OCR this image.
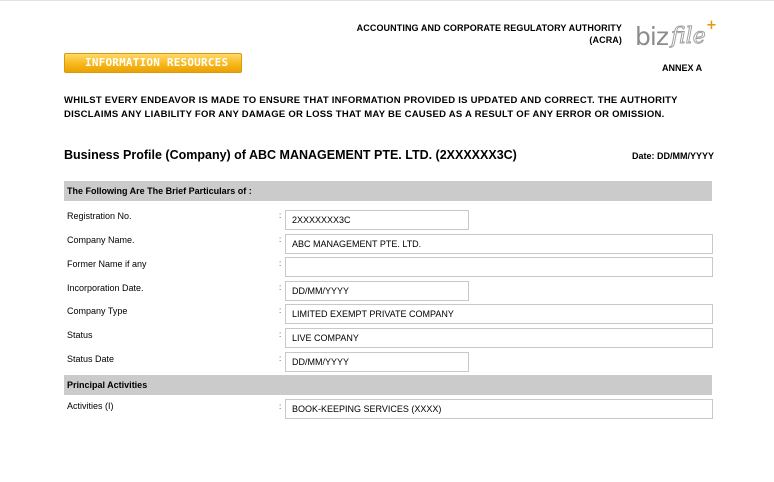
ACCOUNTING AND CORPORATE REGULATORY AUTHORITY
(ACRA) biz file +
INFORMATION RESOURCES	ANNEX A
WHILST EVERY ENDEAVOR IS MADE TO ENSURE THAT INFORMATION PROVIDED IS UPDATED AND CORRECT. THE AUTHORITY
DISCLAIMS ANY LIABILITY FOR ANY DAMAGE OR LOSS THAT MAY BE CAUSED AS A RESULT OF ANY ERROR OR OMISSION.
Business Profile (Company) of ABC MANAGEMENT PTE. LTD. (2XXXXXX3C)	Date: DD/MM/YYYY
The Following Are The Brief Particulars of :
Registration No.	:	2XXXXXXX3C
Company Name.	:	ABC MANAGEMENT PTE. LTD.
Former Name if any	:
Incorporation Date.	:	DD/MM/YYYY
Company Type	:	LIMITED EXEMPT PRIVATE COMPANY
Status	:	LIVE COMPANY
Status Date	:	DD/MM/YYYY
Principal Activities
Activities (I)	:	BOOK-KEEPING SERVICES (XXXX)
